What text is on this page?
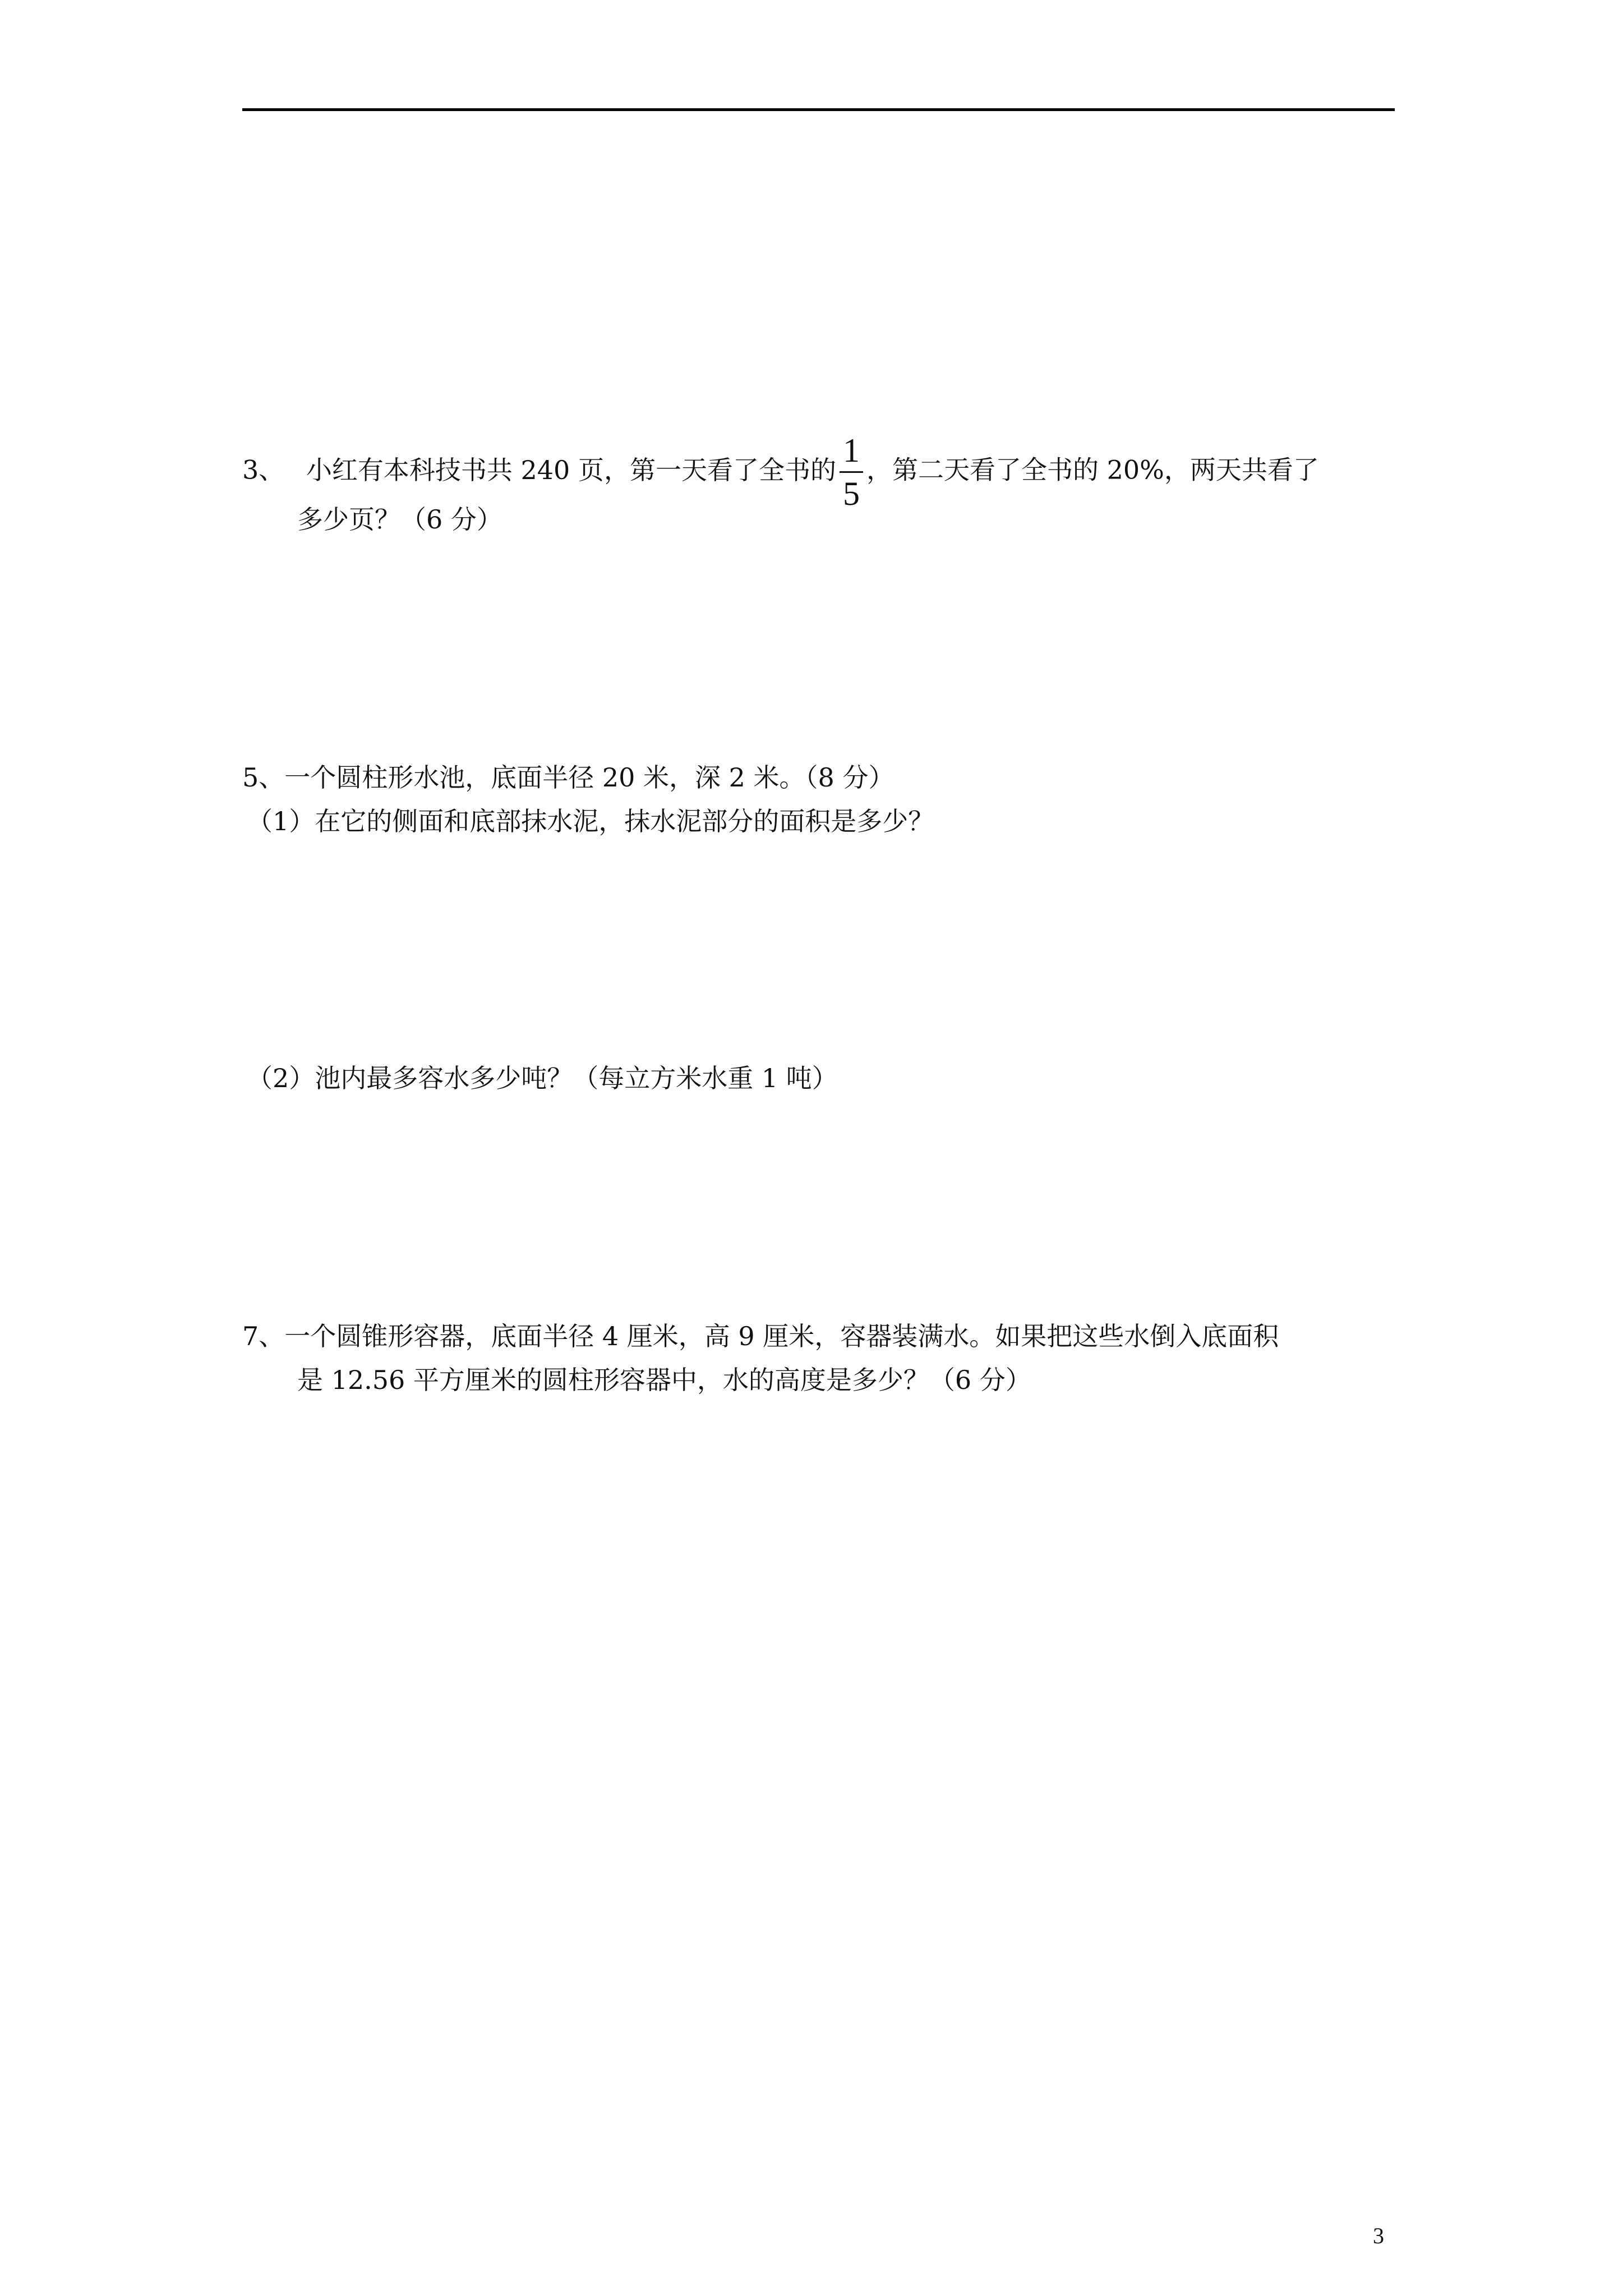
3、 小红有本科技书共 240 页，第一天看了全书的 $\frac{1}{5}$ ，第二天看了全书的 20%，两天共看了
多少页？（6 分）
5、一个圆柱形水池，底面半径 20 米，深 2 米。（8 分）
（1）在它的侧面和底部抹水泥，抹水泥部分的面积是多少？
（2）池内最多容水多少吨？（每立方米水重 1 吨）
7、一个圆锥形容器，底面半径 4 厘米，高 9 厘米，容器装满水。如果把这些水倒入底面积
是 12.56 平方厘米的圆柱形容器中，水的高度是多少？（6 分）
3
